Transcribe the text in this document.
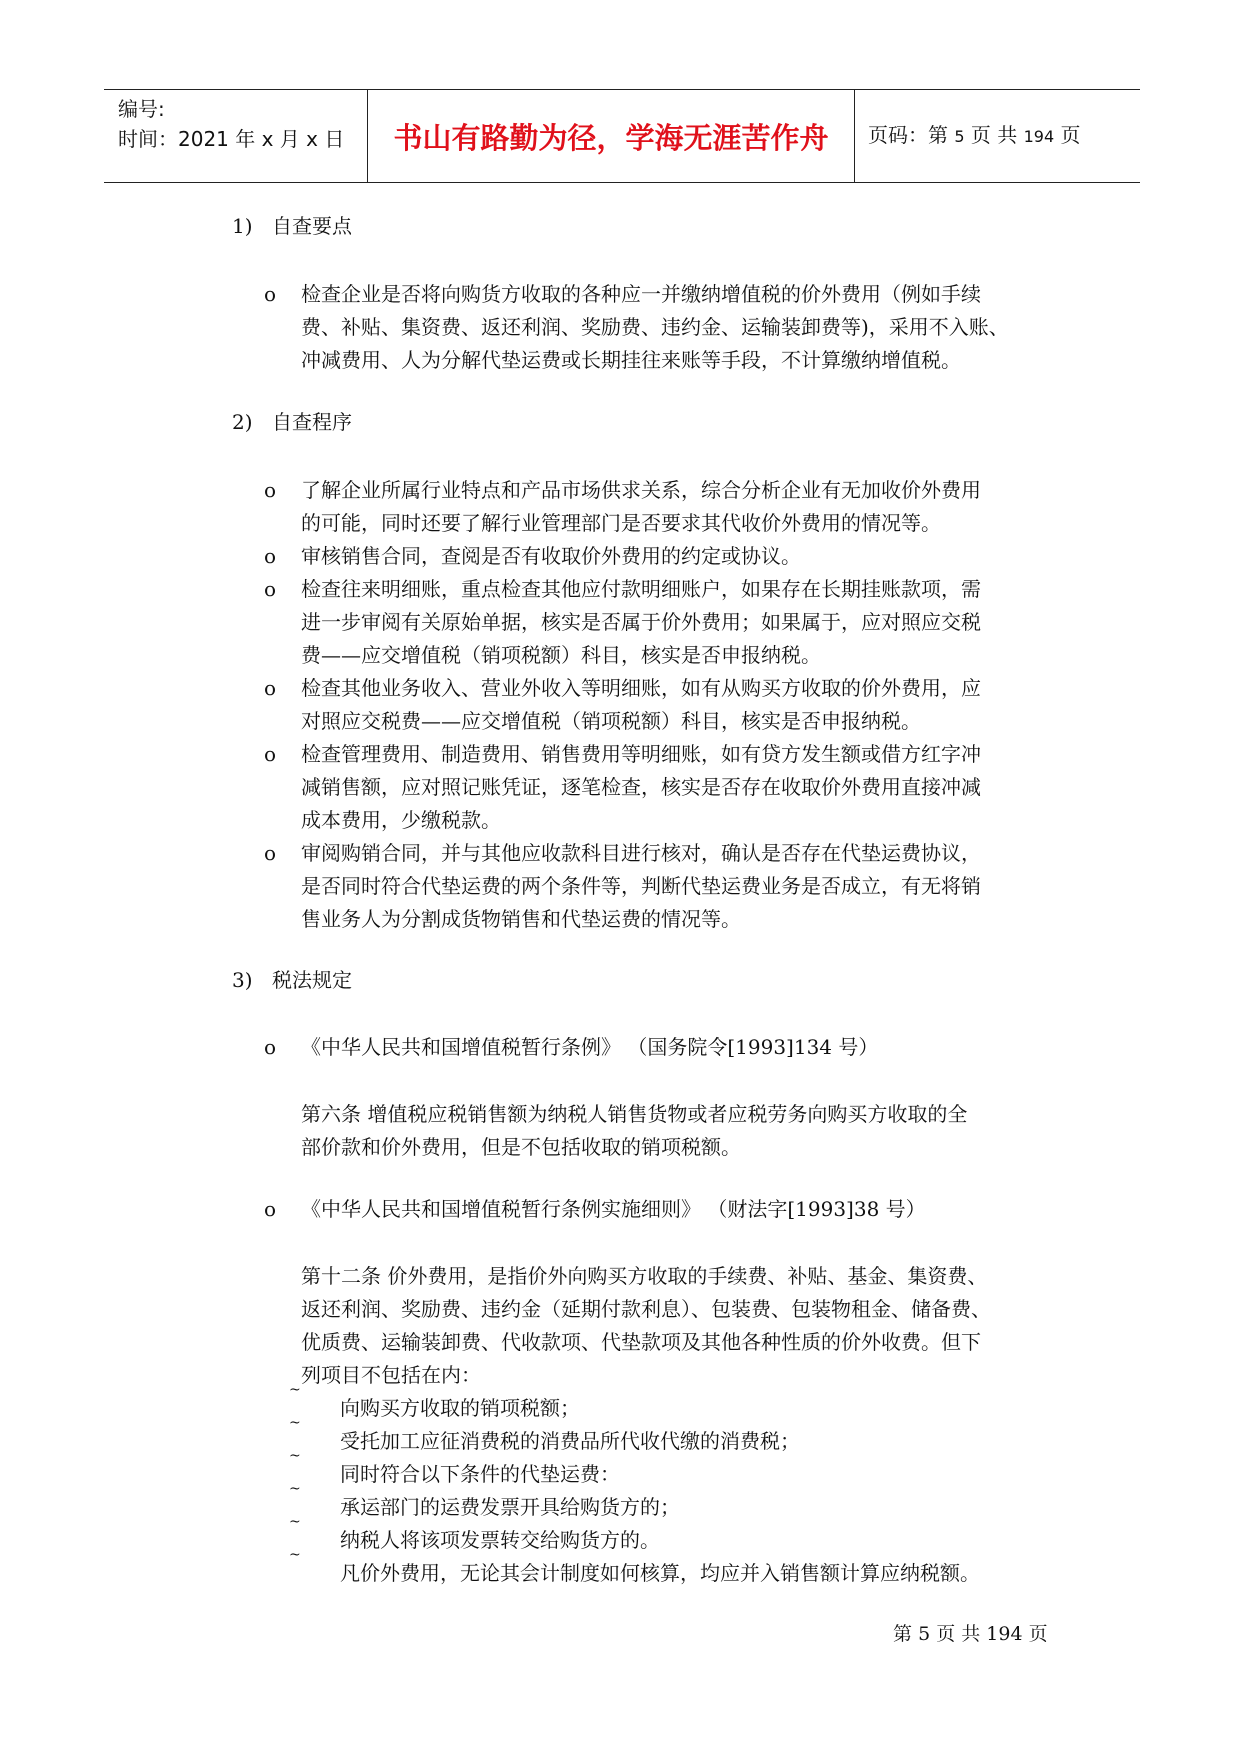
编号:
时间：2021 年 x 月 x 日	书山有路勤为径，学海无涯苦作舟	页码：第 5 页 共 194 页
1) 自查要点
o 检查企业是否将向购货方收取的各种应一并缴纳增值税的价外费用（例如手续
费、补贴、集资费、返还利润、奖励费、违约金、运输装卸费等)，采用不入账、
冲减费用、人为分解代垫运费或长期挂往来账等手段，不计算缴纳增值税。
2) 自查程序
o 了解企业所属行业特点和产品市场供求关系，综合分析企业有无加收价外费用
的可能，同时还要了解行业管理部门是否要求其代收价外费用的情况等。
o 审核销售合同，查阅是否有收取价外费用的约定或协议。
o 检查往来明细账，重点检查其他应付款明细账户，如果存在长期挂账款项，需
进一步审阅有关原始单据，核实是否属于价外费用；如果属于，应对照应交税
费——应交增值税（销项税额）科目，核实是否申报纳税。
o 检查其他业务收入、营业外收入等明细账，如有从购买方收取的价外费用，应
对照应交税费——应交增值税（销项税额）科目，核实是否申报纳税。
o 检查管理费用、制造费用、销售费用等明细账，如有贷方发生额或借方红字冲
减销售额，应对照记账凭证，逐笔检查，核实是否存在收取价外费用直接冲减
成本费用，少缴税款。
o 审阅购销合同，并与其他应收款科目进行核对，确认是否存在代垫运费协议，
是否同时符合代垫运费的两个条件等，判断代垫运费业务是否成立，有无将销
售业务人为分割成货物销售和代垫运费的情况等。
3) 税法规定
o 《中华人民共和国增值税暂行条例》 （国务院令[1993]134 号）
第六条 增值税应税销售额为纳税人销售货物或者应税劳务向购买方收取的全
部价款和价外费用，但是不包括收取的销项税额。
o 《中华人民共和国增值税暂行条例实施细则》 （财法字[1993]38 号）
第十二条 价外费用，是指价外向购买方收取的手续费、补贴、基金、集资费、
返还利润、奖励费、违约金（延期付款利息）、包装费、包装物租金、储备费、
优质费、运输装卸费、代收款项、代垫款项及其他各种性质的价外收费。但下
列项目不包括在内：
~
向购买方收取的销项税额；
~
受托加工应征消费税的消费品所代收代缴的消费税；
~
同时符合以下条件的代垫运费：
~
承运部门的运费发票开具给购货方的；
~
纳税人将该项发票转交给购货方的。
~
凡价外费用，无论其会计制度如何核算，均应并入销售额计算应纳税额。
第 5 页 共 194 页
